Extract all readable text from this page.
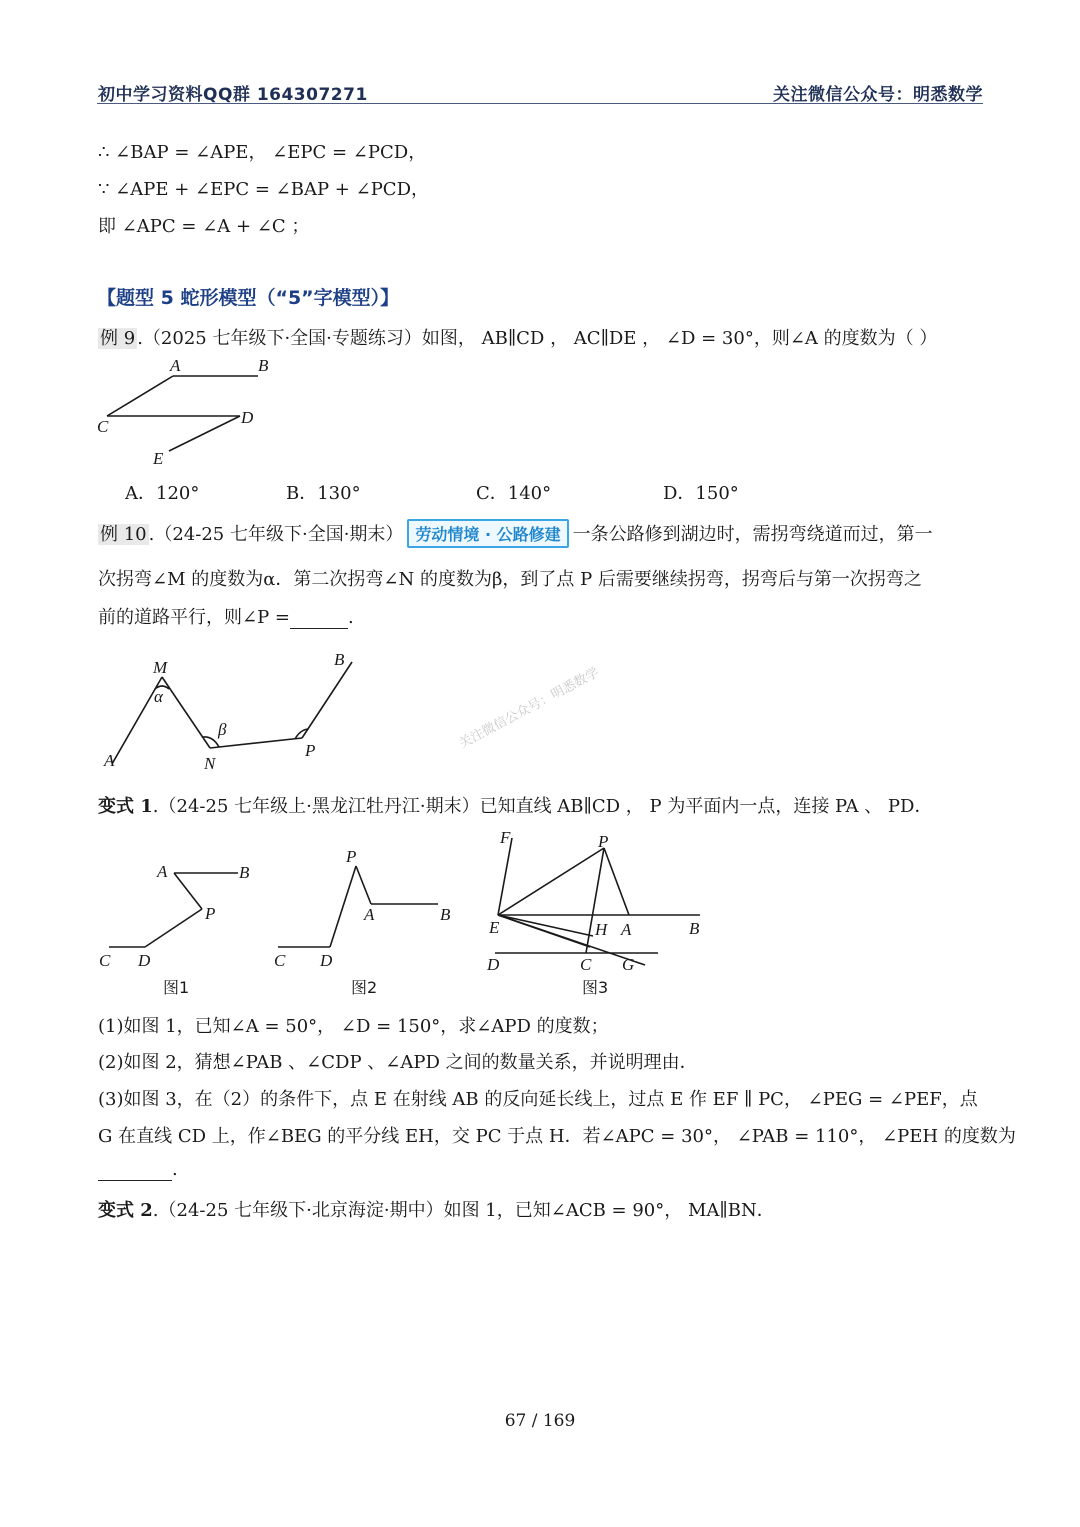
初中学习资料QQ群 164307271	关注微信公众号：明悉数学
∴ ∠BAP = ∠APE， ∠EPC = ∠PCD，
∵ ∠APE + ∠EPC = ∠BAP + ∠PCD，
即 ∠APC = ∠A + ∠C ；
【题型 5 蛇形模型（“5”字模型）】
例 9 .（2025 七年级下·全国·专题练习）如图， AB∥CD ， AC∥DE ， ∠D = 30°，则∠A 的度数为（ ）
A	B
C	D
E
A．120°	B．130°	C．140°	D．150°
例 10 .（24-25 七年级下·全国·期末） 劳动情境 · 公路修建 一条公路修到湖边时，需拐弯绕道而过，第一
次拐弯∠M 的度数为α．第二次拐弯∠N 的度数为β，到了点 P 后需要继续拐弯，拐弯后与第一次拐弯之
前的道路平行，则∠P =	.
M
α
B
β
A	N
P	关注微信公众号：明悉数学
变式 1.（24-25 七年级上·黑龙江牡丹江·期末）已知直线 AB∥CD ， P 为平面内一点，连接 PA 、 PD．
A	B
P
C D
P
A	B
C D
F	P
E	H A	B
D	C G
图1	图2	图3
(1)如图 1，已知∠A = 50°， ∠D = 150°，求∠APD 的度数；
(2)如图 2，猜想∠PAB 、∠CDP 、∠APD 之间的数量关系，并说明理由．
(3)如图 3，在（2）的条件下，点 E 在射线 AB 的反向延长线上，过点 E 作 EF ∥ PC， ∠PEG = ∠PEF，点
G 在直线 CD 上，作∠BEG 的平分线 EH，交 PC 于点 H．若∠APC = 30°， ∠PAB = 110°， ∠PEH 的度数为
.
变式 2.（24-25 七年级下·北京海淀·期中）如图 1，已知∠ACB = 90°， MA∥BN．
67 / 169
